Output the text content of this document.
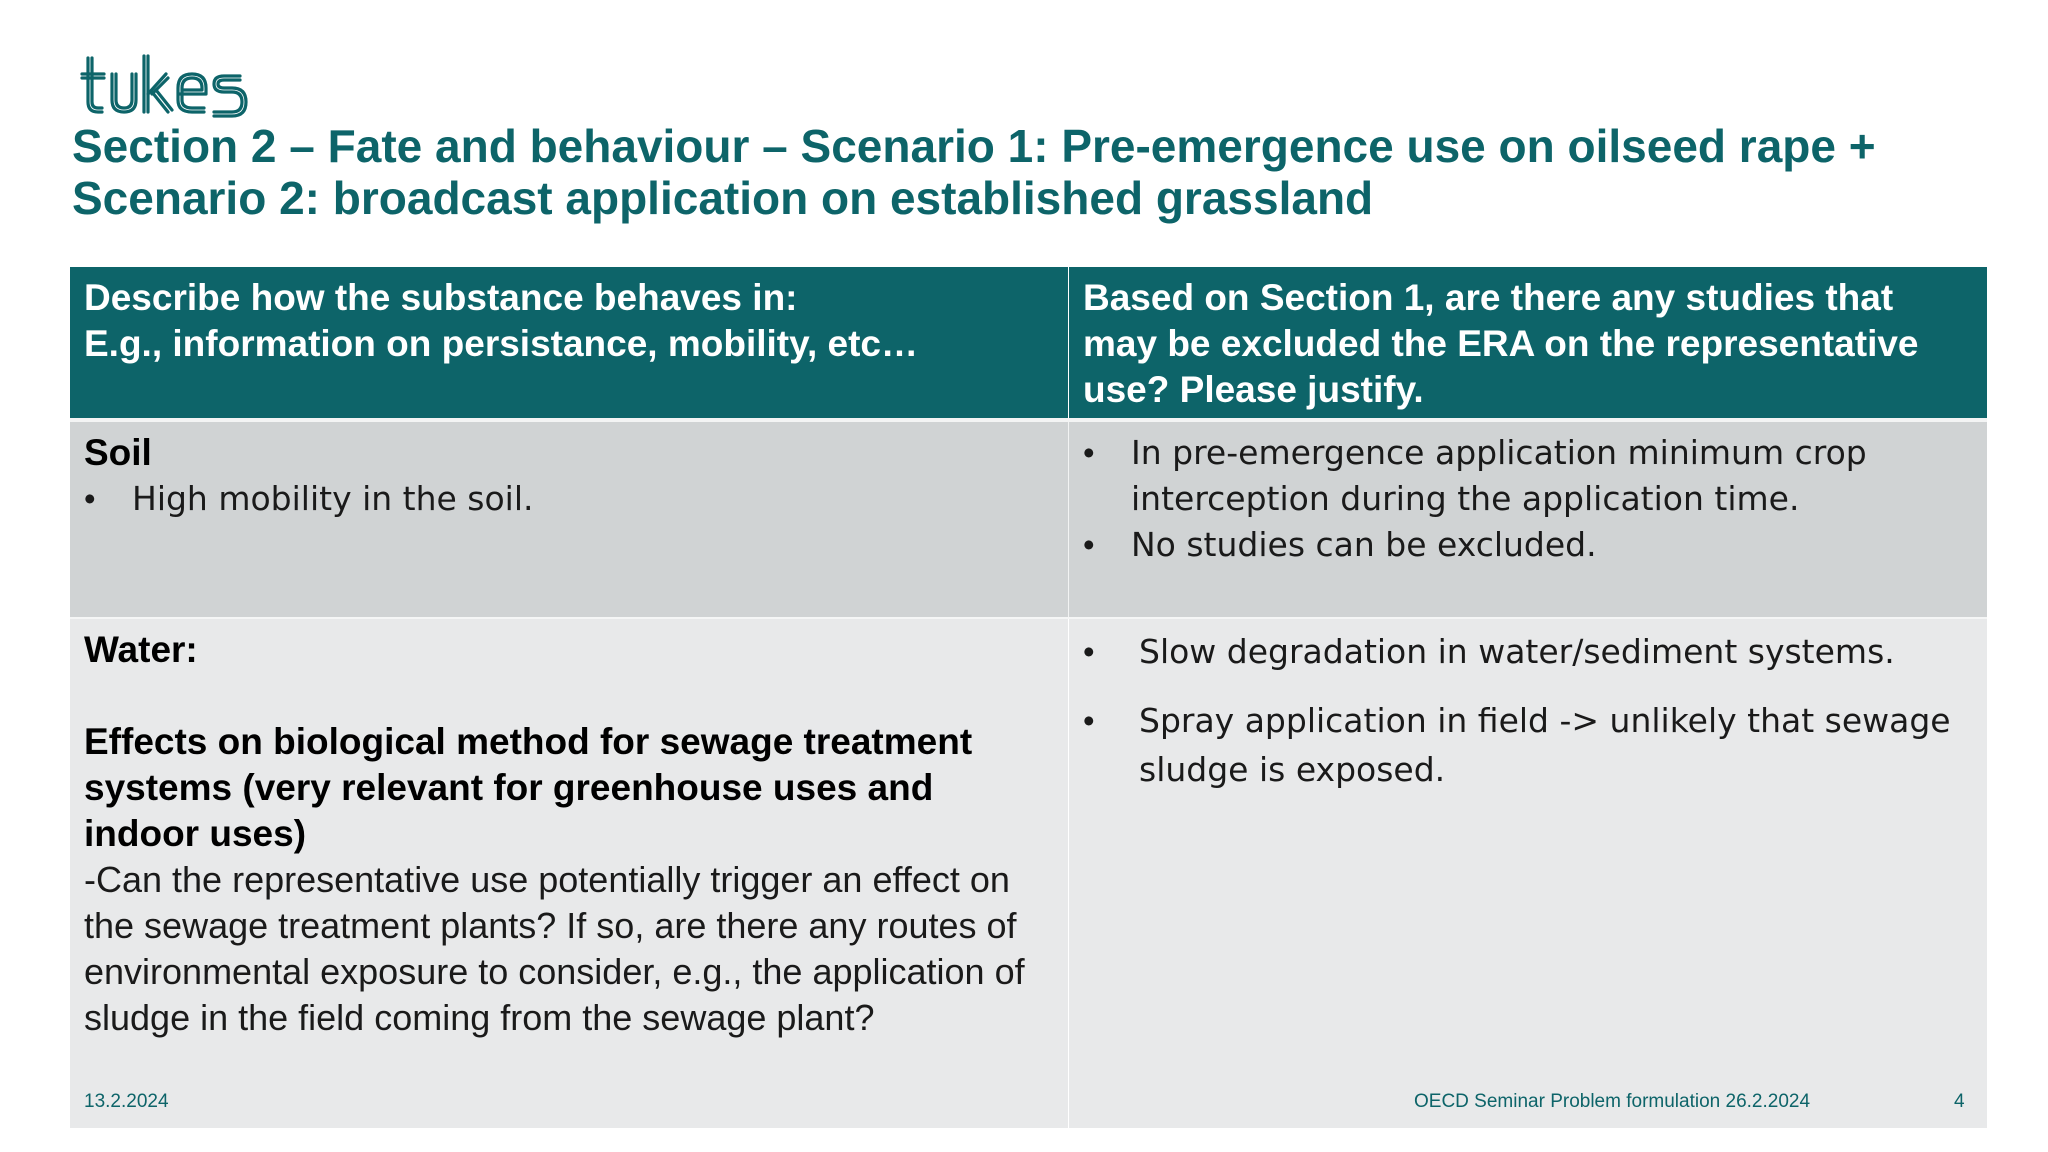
Section 2 – Fate and behaviour – Scenario 1: Pre-emergence use on oilseed rape +
Scenario 2: broadcast application on established grassland
Describe how the substance behaves in:
E.g., information on persistance, mobility, etc…
Based on Section 1, are there any studies that may be excluded the ERA on the representative use? Please justify.
Soil
• High mobility in the soil.
• In pre-emergence application minimum crop interception during the application time.
• No studies can be excluded.
Water:
Effects on biological method for sewage treatment systems (very relevant for greenhouse uses and indoor uses)
-Can the representative use potentially trigger an effect on the sewage treatment plants? If so, are there any routes of environmental exposure to consider, e.g., the application of sludge in the field coming from the sewage plant?
• Slow degradation in water/sediment systems.
• Spray application in field -> unlikely that sewage sludge is exposed.
13.2.2024	OECD Seminar Problem formulation 26.2.2024	4
